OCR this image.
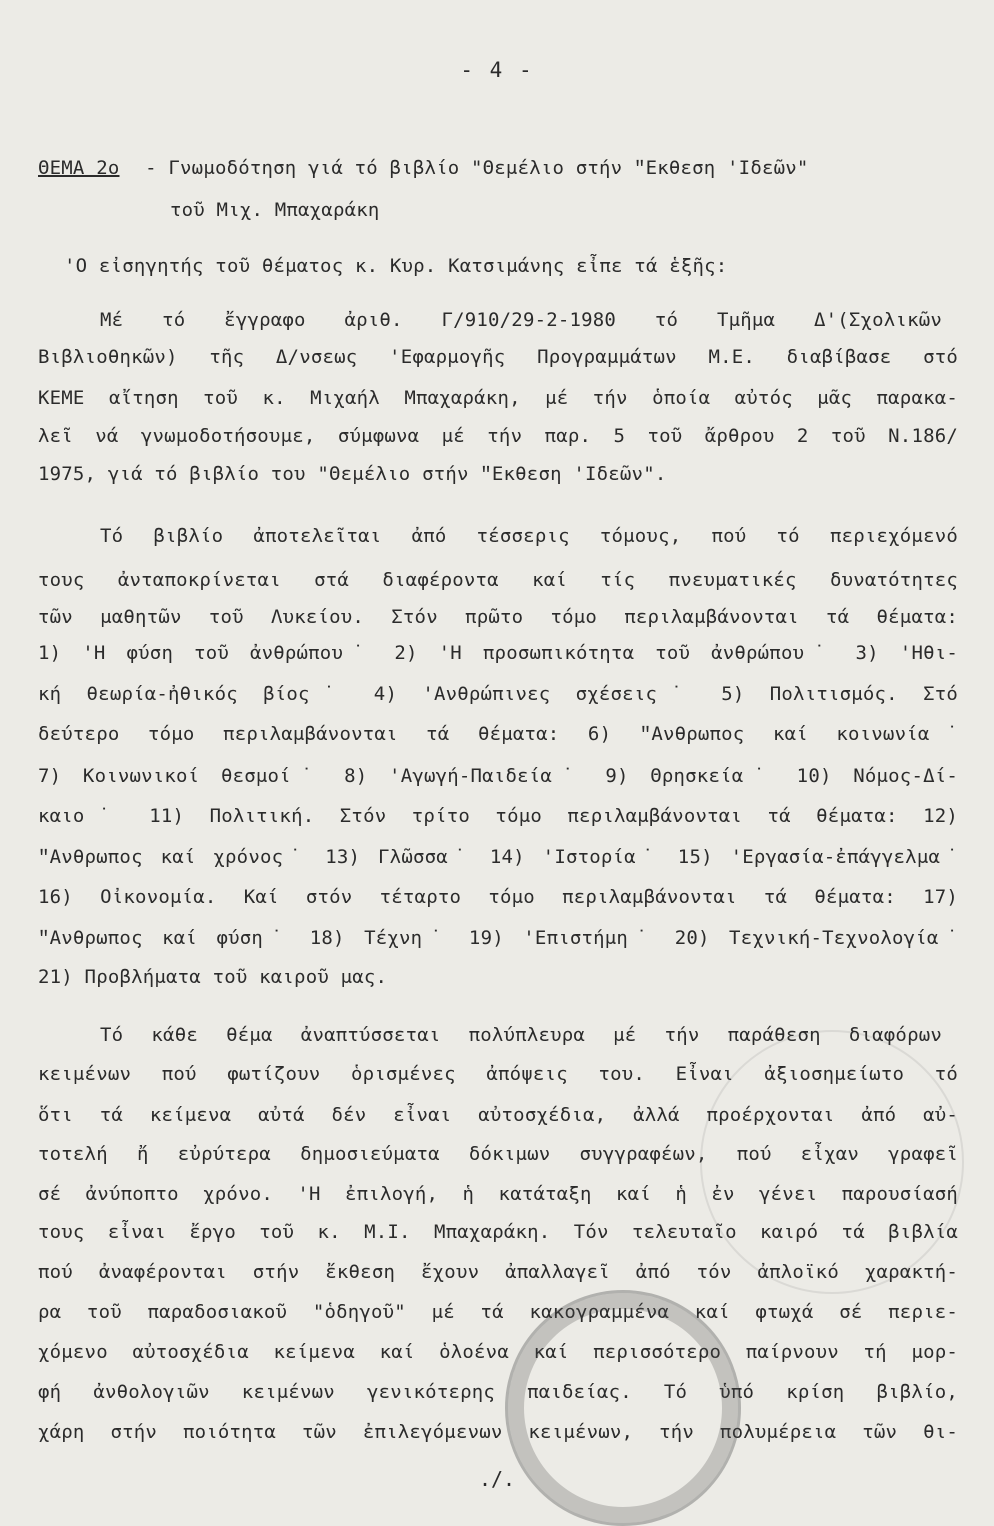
- 4 -
ΘΕΜΑ 2ο - Γνωμοδότηση γιά τό βιβλίο "Θεμέλιο στήν ʺΕκθεση 'Ιδεῶν"
τοῦ Μιχ. Μπαχαράκη
'Ο εἰσηγητής τοῦ θέματος κ. Κυρ. Κατσιμάνης εἶπε τά ἑξῆς:
Μέ τό ἔγγραφο ἀριθ. Γ/910/29-2-1980 τό Τμῆμα Δ'(Σχολικῶν
Βιβλιοθηκῶν) τῆς Δ/νσεως 'Εφαρμογῆς Προγραμμάτων Μ.Ε. διαβίβασε στό
ΚΕΜΕ αἴτηση τοῦ κ. Μιχαήλ Μπαχαράκη, μέ τήν ὁποία αὐτός μᾶς παρακα-
λεῖ νά γνωμοδοτήσουμε, σύμφωνα μέ τήν παρ. 5 τοῦ ἄρθρου 2 τοῦ Ν.186/
1975, γιά τό βιβλίο του "Θεμέλιο στήν ʺΕκθεση 'Ιδεῶν".
Τό βιβλίο ἀποτελεῖται ἀπό τέσσερις τόμους, πού τό περιεχόμενό
τους ἀνταποκρίνεται στά διαφέροντα καί τίς πνευματικές δυνατότητες
τῶν μαθητῶν τοῦ Λυκείου. Στόν πρῶτο τόμο περιλαμβάνονται τά θέματα:
1) 'Η φύση τοῦ ἀνθρώπου˙ 2) 'Η προσωπικότητα τοῦ ἀνθρώπου˙ 3) 'Ηθι-
κή θεωρία-ἠθικός βίος˙ 4) 'Ανθρώπινες σχέσεις˙ 5) Πολιτισμός. Στό
δεύτερο τόμο περιλαμβάνονται τά θέματα: 6) ʺΑνθρωπος καί κοινωνία˙
7) Κοινωνικοί θεσμοί˙ 8) 'Αγωγή-Παιδεία˙ 9) Θρησκεία˙ 10) Νόμος-Δί-
καιο˙ 11) Πολιτική. Στόν τρίτο τόμο περιλαμβάνονται τά θέματα: 12)
ʺΑνθρωπος καί χρόνος˙ 13) Γλῶσσα˙ 14) 'Ιστορία˙ 15) 'Εργασία-ἐπάγγελμα˙
16) Οἰκονομία. Καί στόν τέταρτο τόμο περιλαμβάνονται τά θέματα: 17)
ʺΑνθρωπος καί φύση˙ 18) Τέχνη˙ 19) 'Επιστήμη˙ 20) Τεχνική-Τεχνολογία˙
21) Προβλήματα τοῦ καιροῦ μας.
Τό κάθε θέμα ἀναπτύσσεται πολύπλευρα μέ τήν παράθεση διαφόρων
κειμένων πού φωτίζουν ὁρισμένες ἀπόψεις του. Εἶναι ἀξιοσημείωτο τό
ὅτι τά κείμενα αὐτά δέν εἶναι αὐτοσχέδια, ἀλλά προέρχονται ἀπό αὐ-
τοτελή ἤ εὐρύτερα δημοσιεύματα δόκιμων συγγραφέων, πού εἶχαν γραφεῖ
σέ ἀνύποπτο χρόνο. 'Η ἐπιλογή, ἡ κατάταξη καί ἡ ἐν γένει παρουσίασή
τους εἶναι ἔργο τοῦ κ. Μ.Ι. Μπαχαράκη. Τόν τελευταῖο καιρό τά βιβλία
πού ἀναφέρονται στήν ἔκθεση ἔχουν ἀπαλλαγεῖ ἀπό τόν ἀπλοϊκό χαρακτή-
ρα τοῦ παραδοσιακοῦ "ὁδηγοῦ" μέ τά κακογραμμένα καί φτωχά σέ περιε-
χόμενο αὐτοσχέδια κείμενα καί ὁλοένα καί περισσότερο παίρνουν τή μορ-
φή ἀνθολογιῶν κειμένων γενικότερης παιδείας. Τό ὑπό κρίση βιβλίο,
χάρη στήν ποιότητα τῶν ἐπιλεγόμενων κειμένων, τήν πολυμέρεια τῶν θι-
./.
